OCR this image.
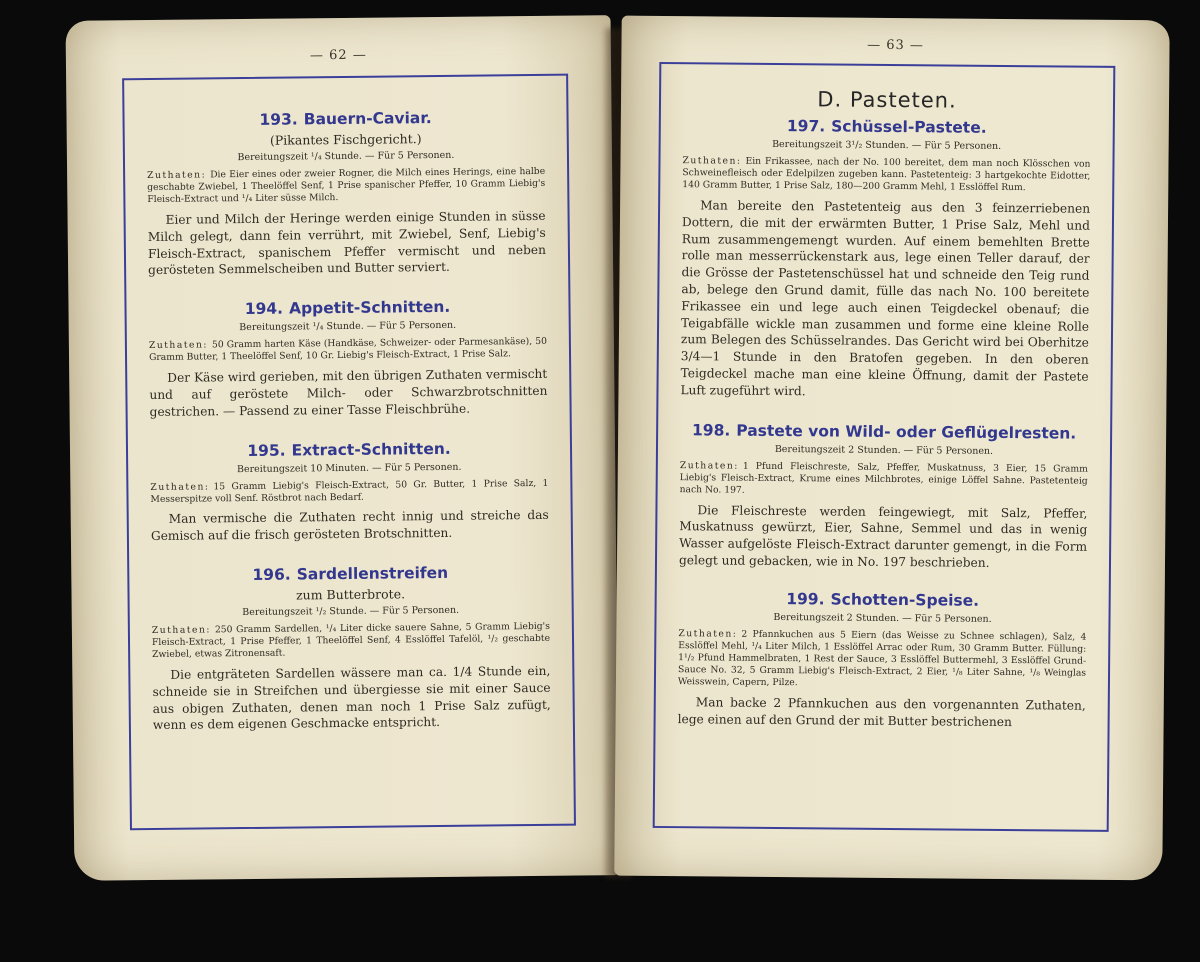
— 62 —
193. Bauern-Caviar.
(Pikantes Fischgericht.)
Bereitungszeit ¹/₄ Stunde. — Für 5 Personen.
Zuthaten: Die Eier eines oder zweier Rogner, die Milch eines Herings, eine halbe geschabte Zwiebel, 1 Theelöffel Senf, 1 Prise spanischer Pfeffer, 10 Gramm Liebig's Fleisch-Extract und ¹/₄ Liter süsse Milch.

Eier und Milch der Heringe werden einige Stunden in süsse Milch gelegt, dann fein verrührt, mit Zwiebel, Senf, Liebig's Fleisch-Extract, spanischem Pfeffer vermischt und neben gerösteten Semmelscheiben und Butter serviert.

194. Appetit-Schnitten.
Bereitungszeit ¹/₄ Stunde. — Für 5 Personen.
Zuthaten: 50 Gramm harten Käse (Handkäse, Schweizer- oder Parmesankäse), 50 Gramm Butter, 1 Theelöffel Senf, 10 Gr. Liebig's Fleisch-Extract, 1 Prise Salz.

Der Käse wird gerieben, mit den übrigen Zuthaten vermischt und auf geröstete Milch- oder Schwarzbrotschnitten gestrichen. — Passend zu einer Tasse Fleischbrühe.

195. Extract-Schnitten.
Bereitungszeit 10 Minuten. — Für 5 Personen.
Zuthaten: 15 Gramm Liebig's Fleisch-Extract, 50 Gr. Butter, 1 Prise Salz, 1 Messerspitze voll Senf. Röstbrot nach Bedarf.

Man vermische die Zuthaten recht innig und streiche das Gemisch auf die frisch gerösteten Brotschnitten.

196. Sardellenstreifen
zum Butterbrote.
Bereitungszeit ¹/₂ Stunde. — Für 5 Personen.
Zuthaten: 250 Gramm Sardellen, ¹/₄ Liter dicke sauere Sahne, 5 Gramm Liebig's Fleisch-Extract, 1 Prise Pfeffer, 1 Theelöffel Senf, 4 Esslöffel Tafelöl, ¹/₂ geschabte Zwiebel, etwas Zitronensaft.

Die entgräteten Sardellen wässere man ca. 1/4 Stunde ein, schneide sie in Streifchen und übergiesse sie mit einer Sauce aus obigen Zuthaten, denen man noch 1 Prise Salz zufügt, wenn es dem eigenen Geschmacke entspricht.

— 63 —
D. Pasteten.
197. Schüssel-Pastete.
Bereitungszeit 3¹/₂ Stunden. — Für 5 Personen.
Zuthaten: Ein Frikassee, nach der No. 100 bereitet, dem man noch Klösschen von Schweinefleisch oder Edelpilzen zugeben kann. Pastetenteig: 3 hartgekochte Eidotter, 140 Gramm Butter, 1 Prise Salz, 180—200 Gramm Mehl, 1 Esslöffel Rum.

Man bereite den Pastetenteig aus den 3 feinzerriebenen Dottern, die mit der erwärmten Butter, 1 Prise Salz, Mehl und Rum zusammengemengt wurden. Auf einem bemehlten Brette rolle man messerrückenstark aus, lege einen Teller darauf, der die Grösse der Pastetenschüssel hat und schneide den Teig rund ab, belege den Grund damit, fülle das nach No. 100 bereitete Frikassee ein und lege auch einen Teigdeckel obenauf; die Teigabfälle wickle man zusammen und forme eine kleine Rolle zum Belegen des Schüsselrandes. Das Gericht wird bei Oberhitze 3/4—1 Stunde in den Bratofen gegeben. In den oberen Teigdeckel mache man eine kleine Öffnung, damit der Pastete Luft zugeführt wird.

198. Pastete von Wild- oder Geflügelresten.
Bereitungszeit 2 Stunden. — Für 5 Personen.
Zuthaten: 1 Pfund Fleischreste, Salz, Pfeffer, Muskatnuss, 3 Eier, 15 Gramm Liebig's Fleisch-Extract, Krume eines Milchbrotes, einige Löffel Sahne. Pastetenteig nach No. 197.

Die Fleischreste werden feingewiegt, mit Salz, Pfeffer, Muskatnuss gewürzt, Eier, Sahne, Semmel und das in wenig Wasser aufgelöste Fleisch-Extract darunter gemengt, in die Form gelegt und gebacken, wie in No. 197 beschrieben.

199. Schotten-Speise.
Bereitungszeit 2 Stunden. — Für 5 Personen.
Zuthaten: 2 Pfannkuchen aus 5 Eiern (das Weisse zu Schnee schlagen), Salz, 4 Esslöffel Mehl, ¹/₄ Liter Milch, 1 Esslöffel Arrac oder Rum, 30 Gramm Butter. Füllung: 1¹/₂ Pfund Hammelbraten, 1 Rest der Sauce, 3 Esslöffel Buttermehl, 3 Esslöffel Grund-Sauce No. 32, 5 Gramm Liebig's Fleisch-Extract, 2 Eier, ¹/₈ Liter Sahne, ¹/₈ Weinglas Weisswein, Capern, Pilze.

Man backe 2 Pfannkuchen aus den vorgenannten Zuthaten, lege einen auf den Grund der mit Butter bestrichenen
